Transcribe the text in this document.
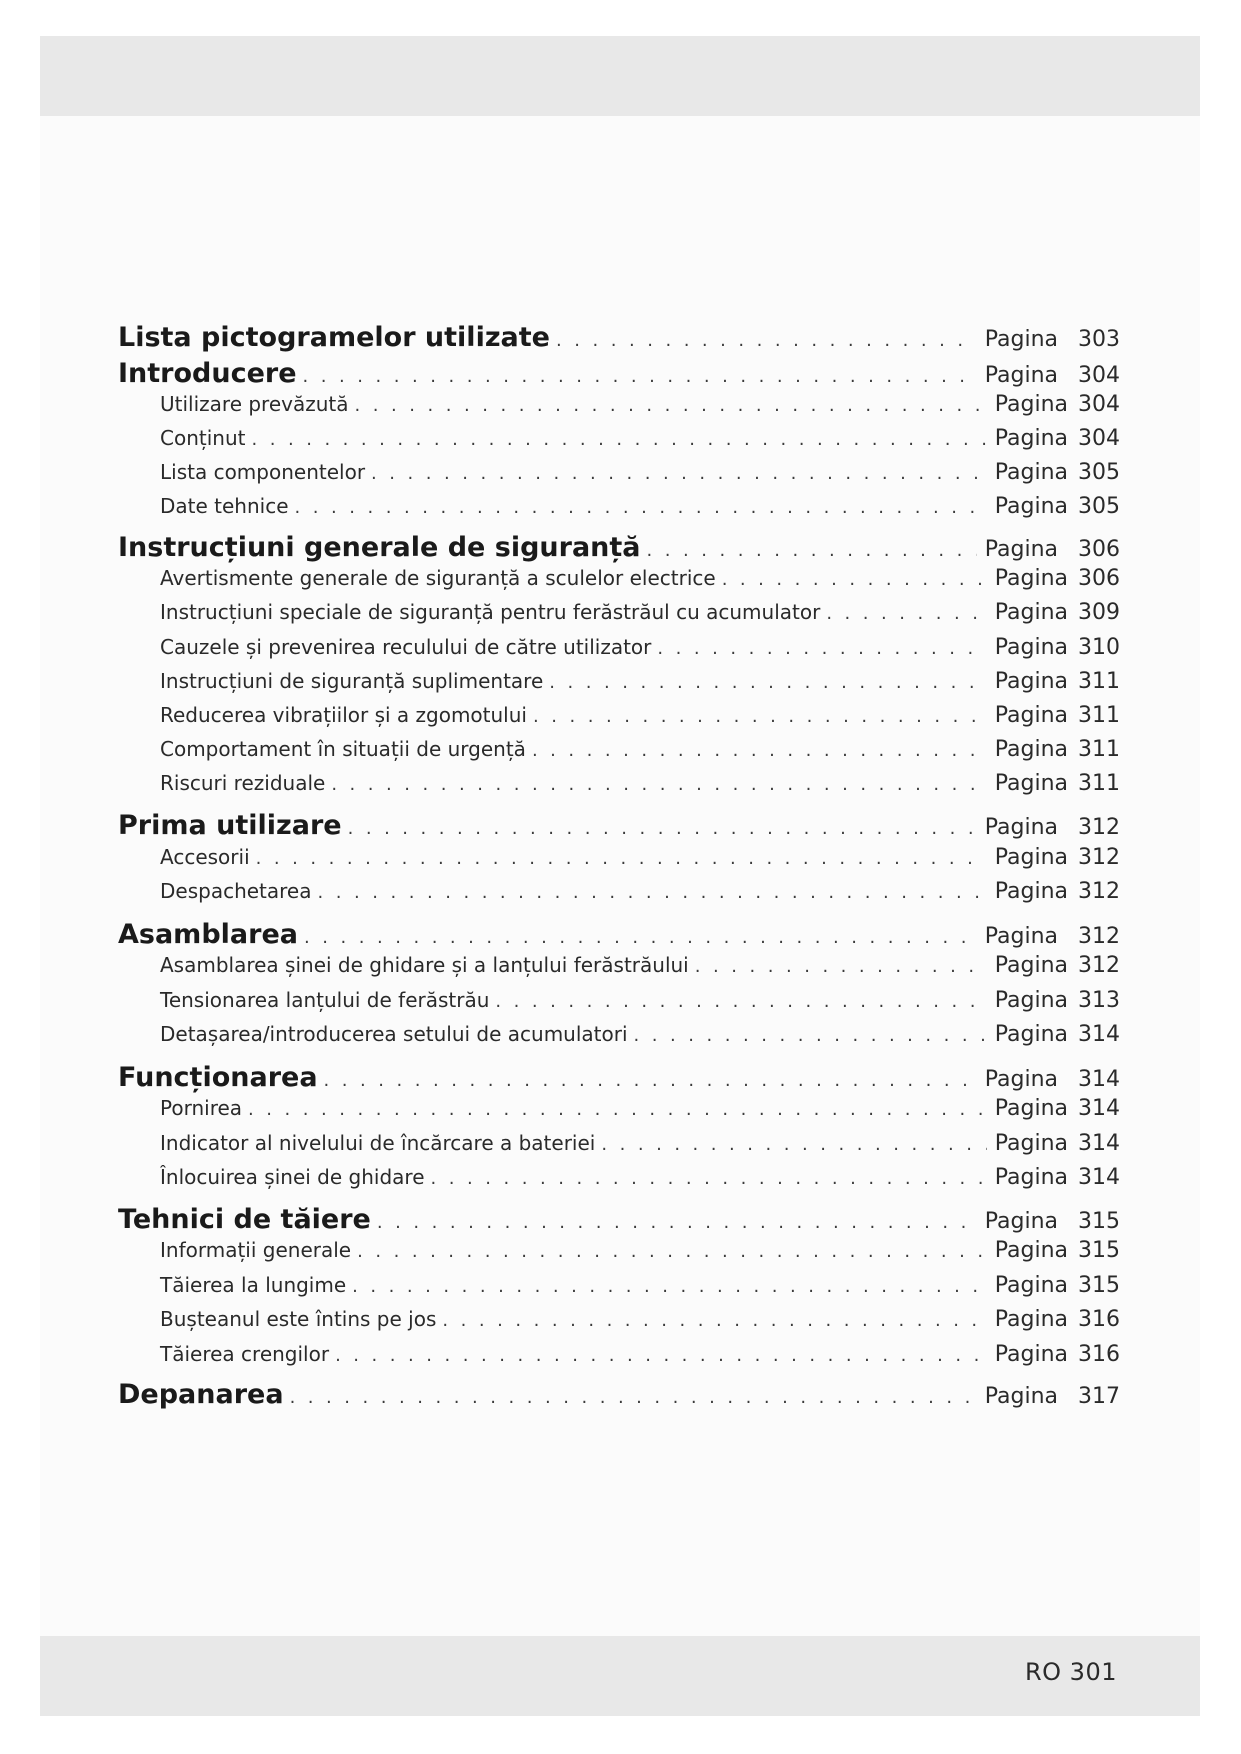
RO 301
Lista pictogramelor utilizate . . .	Pagina 303
Introducere . . .	Pagina 304
Utilizare prevăzută . . .	Pagina 304
Conținut . . .	Pagina 304
Lista componentelor . . .	Pagina 305
Date tehnice . . .	Pagina 305
Instrucțiuni generale de siguranță . . .	Pagina 306
Avertismente generale de siguranță a sculelor electrice . . .	Pagina 306
Instrucțiuni speciale de siguranță pentru ferăstrăul cu acumulator . . .	Pagina 309
Cauzele și prevenirea reculului de către utilizator . . .	Pagina 310
Instrucțiuni de siguranță suplimentare . . .	Pagina 311
Reducerea vibrațiilor și a zgomotului . . .	Pagina 311
Comportament în situații de urgență . . .	Pagina 311
Riscuri reziduale . . .	Pagina 311
Prima utilizare . . .	Pagina 312
Accesorii . . .	Pagina 312
Despachetarea . . .	Pagina 312
Asamblarea . . .	Pagina 312
Asamblarea șinei de ghidare și a lanțului ferăstrăului . . .	Pagina 312
Tensionarea lanțului de ferăstrău . . .	Pagina 313
Detașarea/introducerea setului de acumulatori . . .	Pagina 314
Funcționarea . . .	Pagina 314
Pornirea . . .	Pagina 314
Indicator al nivelului de încărcare a bateriei . . .	Pagina 314
Înlocuirea șinei de ghidare . . .	Pagina 314
Tehnici de tăiere . . .	Pagina 315
Informații generale . . .	Pagina 315
Tăierea la lungime . . .	Pagina 315
Bușteanul este întins pe jos . . .	Pagina 316
Tăierea crengilor . . .	Pagina 316
Depanarea . . .	Pagina 317
